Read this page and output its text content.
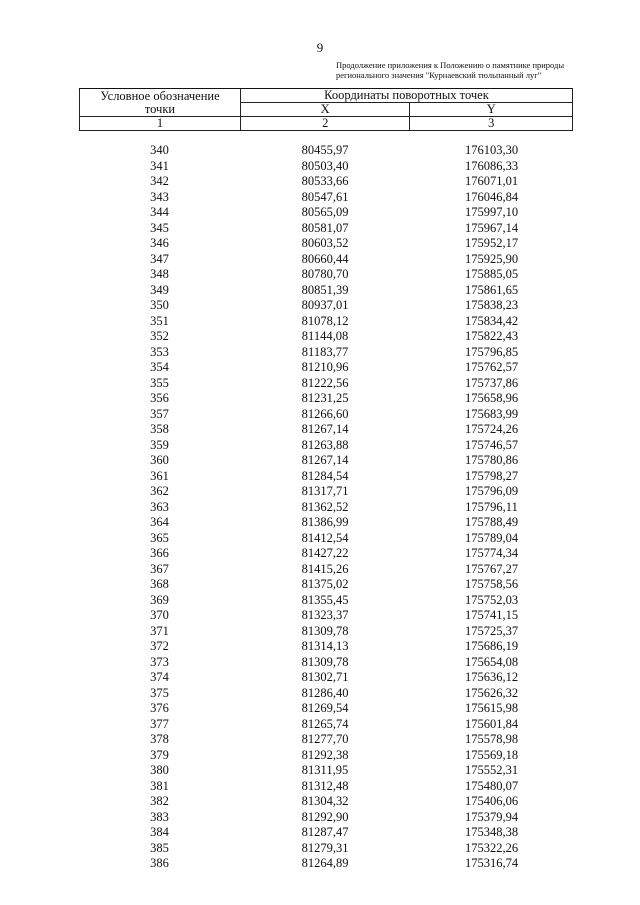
9
Продолжение приложения к Положению о памятнике природы
регионального значения "Курнаевский тюльпанный луг"
Условное обозначение
точки	Координаты поворотных точек	
	X	Y
1	2	3
340	80455,97	176103,30
341	80503,40	176086,33
342	80533,66	176071,01
343	80547,61	176046,84
344	80565,09	175997,10
345	80581,07	175967,14
346	80603,52	175952,17
347	80660,44	175925,90
348	80780,70	175885,05
349	80851,39	175861,65
350	80937,01	175838,23
351	81078,12	175834,42
352	81144,08	175822,43
353	81183,77	175796,85
354	81210,96	175762,57
355	81222,56	175737,86
356	81231,25	175658,96
357	81266,60	175683,99
358	81267,14	175724,26
359	81263,88	175746,57
360	81267,14	175780,86
361	81284,54	175798,27
362	81317,71	175796,09
363	81362,52	175796,11
364	81386,99	175788,49
365	81412,54	175789,04
366	81427,22	175774,34
367	81415,26	175767,27
368	81375,02	175758,56
369	81355,45	175752,03
370	81323,37	175741,15
371	81309,78	175725,37
372	81314,13	175686,19
373	81309,78	175654,08
374	81302,71	175636,12
375	81286,40	175626,32
376	81269,54	175615,98
377	81265,74	175601,84
378	81277,70	175578,98
379	81292,38	175569,18
380	81311,95	175552,31
381	81312,48	175480,07
382	81304,32	175406,06
383	81292,90	175379,94
384	81287,47	175348,38
385	81279,31	175322,26
386	81264,89	175316,74
